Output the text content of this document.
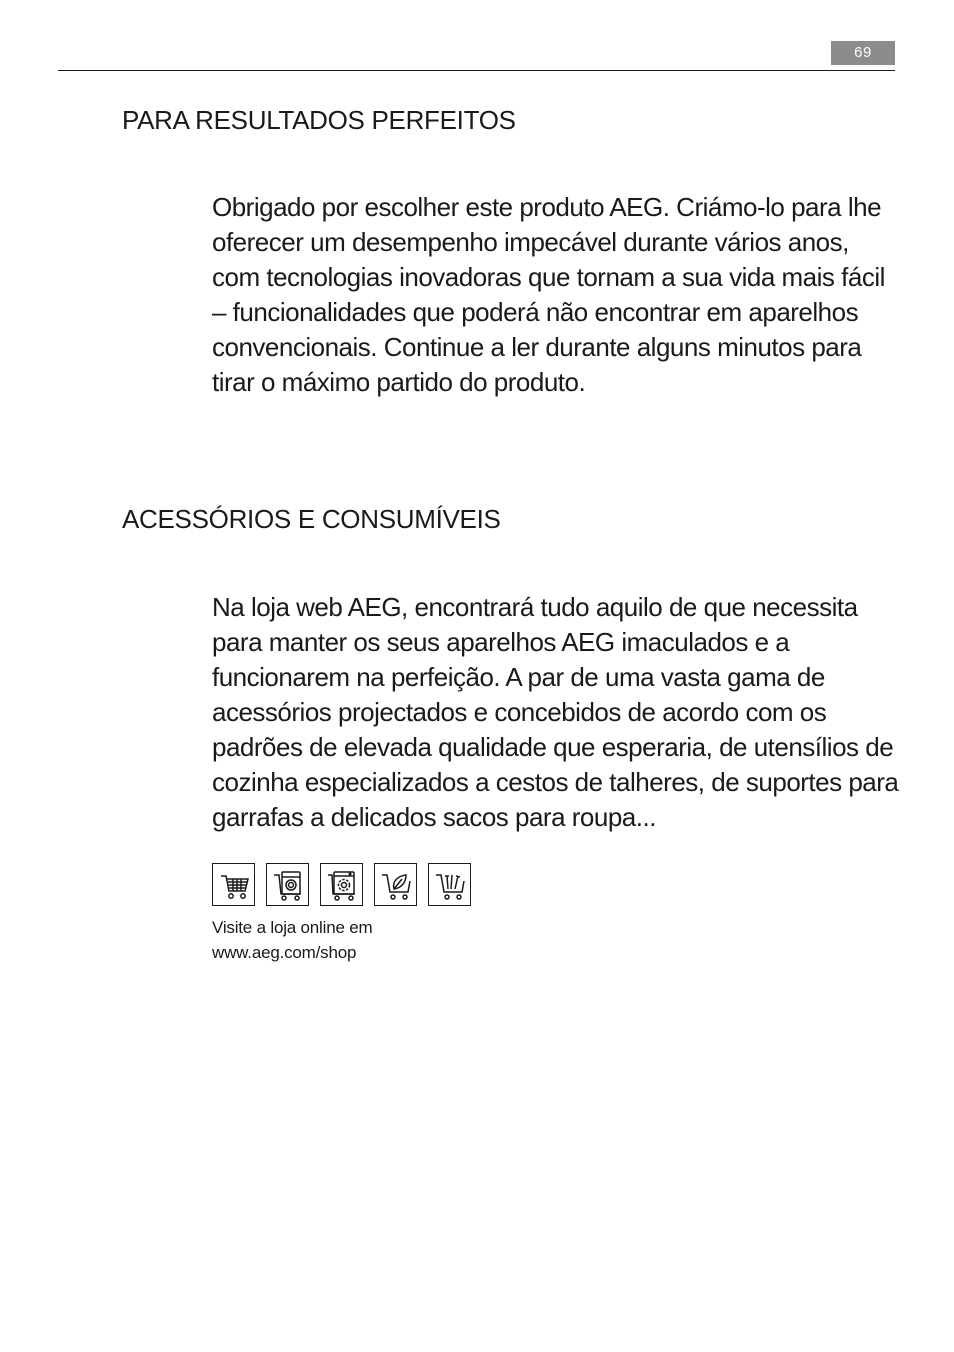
69
PARA RESULTADOS PERFEITOS

Obrigado por escolher este produto AEG. Criámo-lo para lhe oferecer um desempenho impecável durante vários anos, com tecnologias inovadoras que tornam a sua vida mais fácil – funcionalidades que poderá não encontrar em aparelhos convencionais. Continue a ler durante alguns minutos para tirar o máximo partido do produto.

ACESSÓRIOS E CONSUMÍVEIS

Na loja web AEG, encontrará tudo aquilo de que necessita para manter os seus aparelhos AEG imaculados e a funcionarem na perfeição. A par de uma vasta gama de acessórios projectados e concebidos de acordo com os padrões de elevada qualidade que esperaria, de utensílios de cozinha especializados a cestos de talheres, de suportes para garrafas a delicados sacos para roupa...

Visite a loja online em
www.aeg.com/shop
